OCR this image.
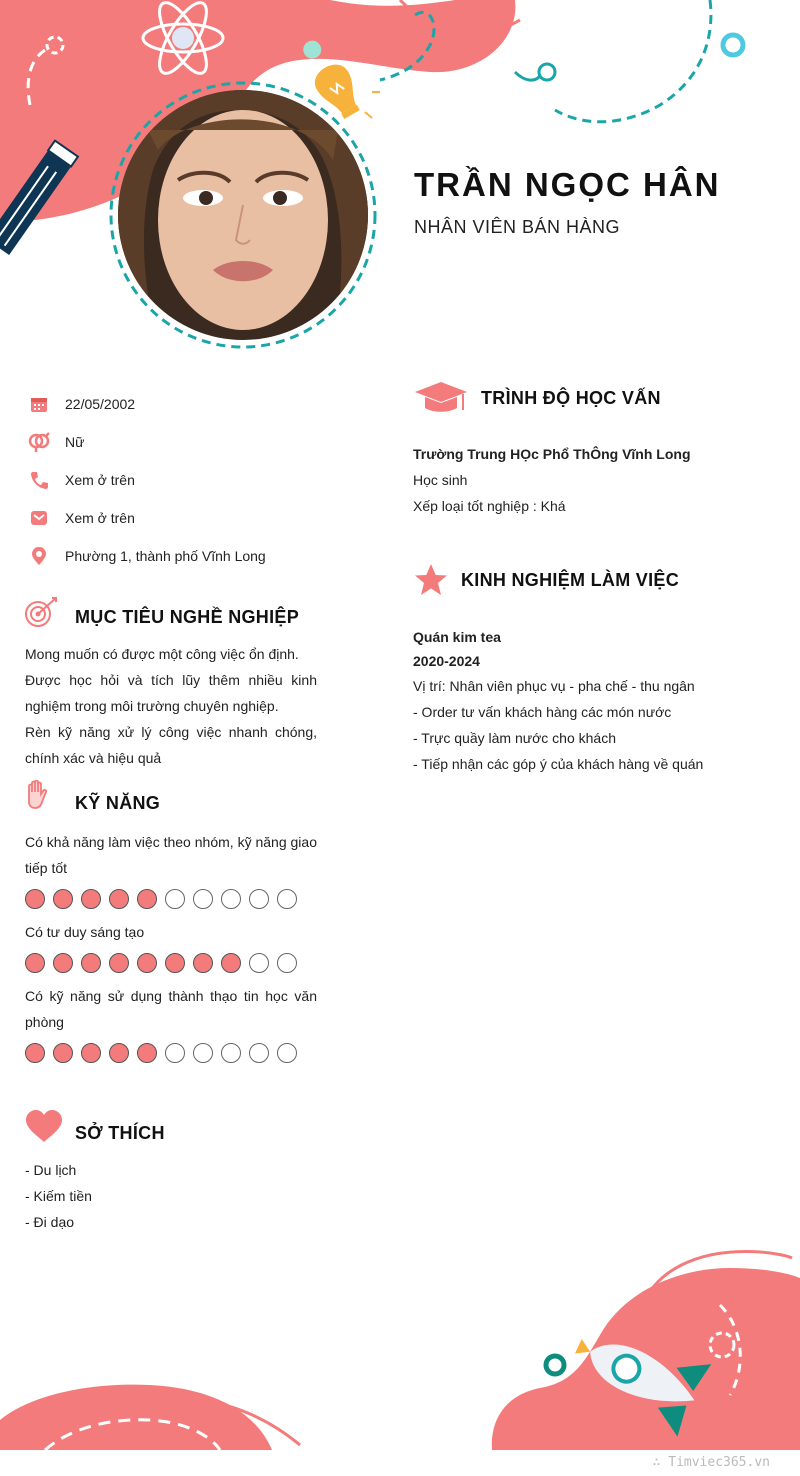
TRẦN NGỌC HÂN
NHÂN VIÊN BÁN HÀNG
22/05/2002
Nữ
Xem ở trên
Xem ở trên
Phường 1, thành phố Vĩnh Long
MỤC TIÊU NGHỀ NGHIỆP
Mong muốn có được một công việc ổn định.
Được học hỏi và tích lũy thêm nhiều kinh nghiệm trong môi trường chuyên nghiệp.
Rèn kỹ năng xử lý công việc nhanh chóng, chính xác và hiệu quả
KỸ NĂNG
Có khả năng làm việc theo nhóm, kỹ năng giao tiếp tốt
Có tư duy sáng tạo
Có kỹ năng sử dụng thành thạo tin học văn phòng
SỞ THÍCH
- Du lịch
- Kiếm tiền
- Đi dạo
TRÌNH ĐỘ HỌC VẤN
Trường Trung HỌc Phổ ThÔng Vĩnh Long
Học sinh
Xếp loại tốt nghiệp : Khá
KINH NGHIỆM LÀM VIỆC
Quán kim tea
2020-2024
Vị trí: Nhân viên phục vụ - pha chế - thu ngân
- Order tư vấn khách hàng các món nước
- Trực quầy làm nước cho khách
- Tiếp nhận các góp ý của khách hàng về quán
∴ Timviec365.vn
